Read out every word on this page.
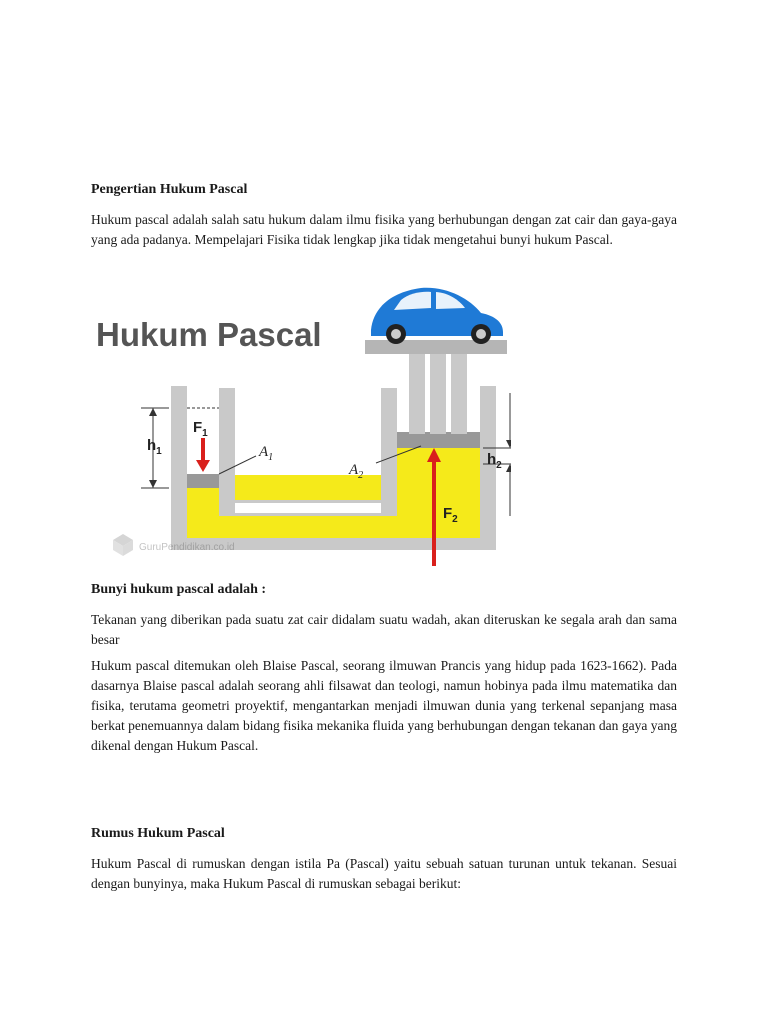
Pengertian Hukum Pascal

Hukum pascal adalah salah satu hukum dalam ilmu fisika yang berhubungan dengan zat cair dan gaya-gaya yang ada padanya. Mempelajari Fisika tidak lengkap jika tidak mengetahui bunyi hukum Pascal.

Hukum Pascal
$F_1$
$A_1$
$h_1$
$A_2$
$h_2$
$F_2$
GuruPendidikan.co.id
Bunyi hukum pascal adalah :

Tekanan yang diberikan pada suatu zat cair didalam suatu wadah, akan diteruskan ke segala arah dan sama besar

Hukum pascal ditemukan oleh Blaise Pascal, seorang ilmuwan Prancis yang hidup pada 1623-1662). Pada dasarnya Blaise pascal adalah seorang ahli filsawat dan teologi, namun hobinya pada ilmu matematika dan fisika, terutama geometri proyektif, mengantarkan menjadi ilmuwan dunia yang terkenal sepanjang masa berkat penemuannya dalam bidang fisika mekanika fluida yang berhubungan dengan tekanan dan gaya yang dikenal dengan Hukum Pascal.

Rumus Hukum Pascal

Hukum Pascal di rumuskan dengan istila Pa (Pascal) yaitu sebuah satuan turunan untuk tekanan. Sesuai dengan bunyinya, maka Hukum Pascal di rumuskan sebagai berikut:
